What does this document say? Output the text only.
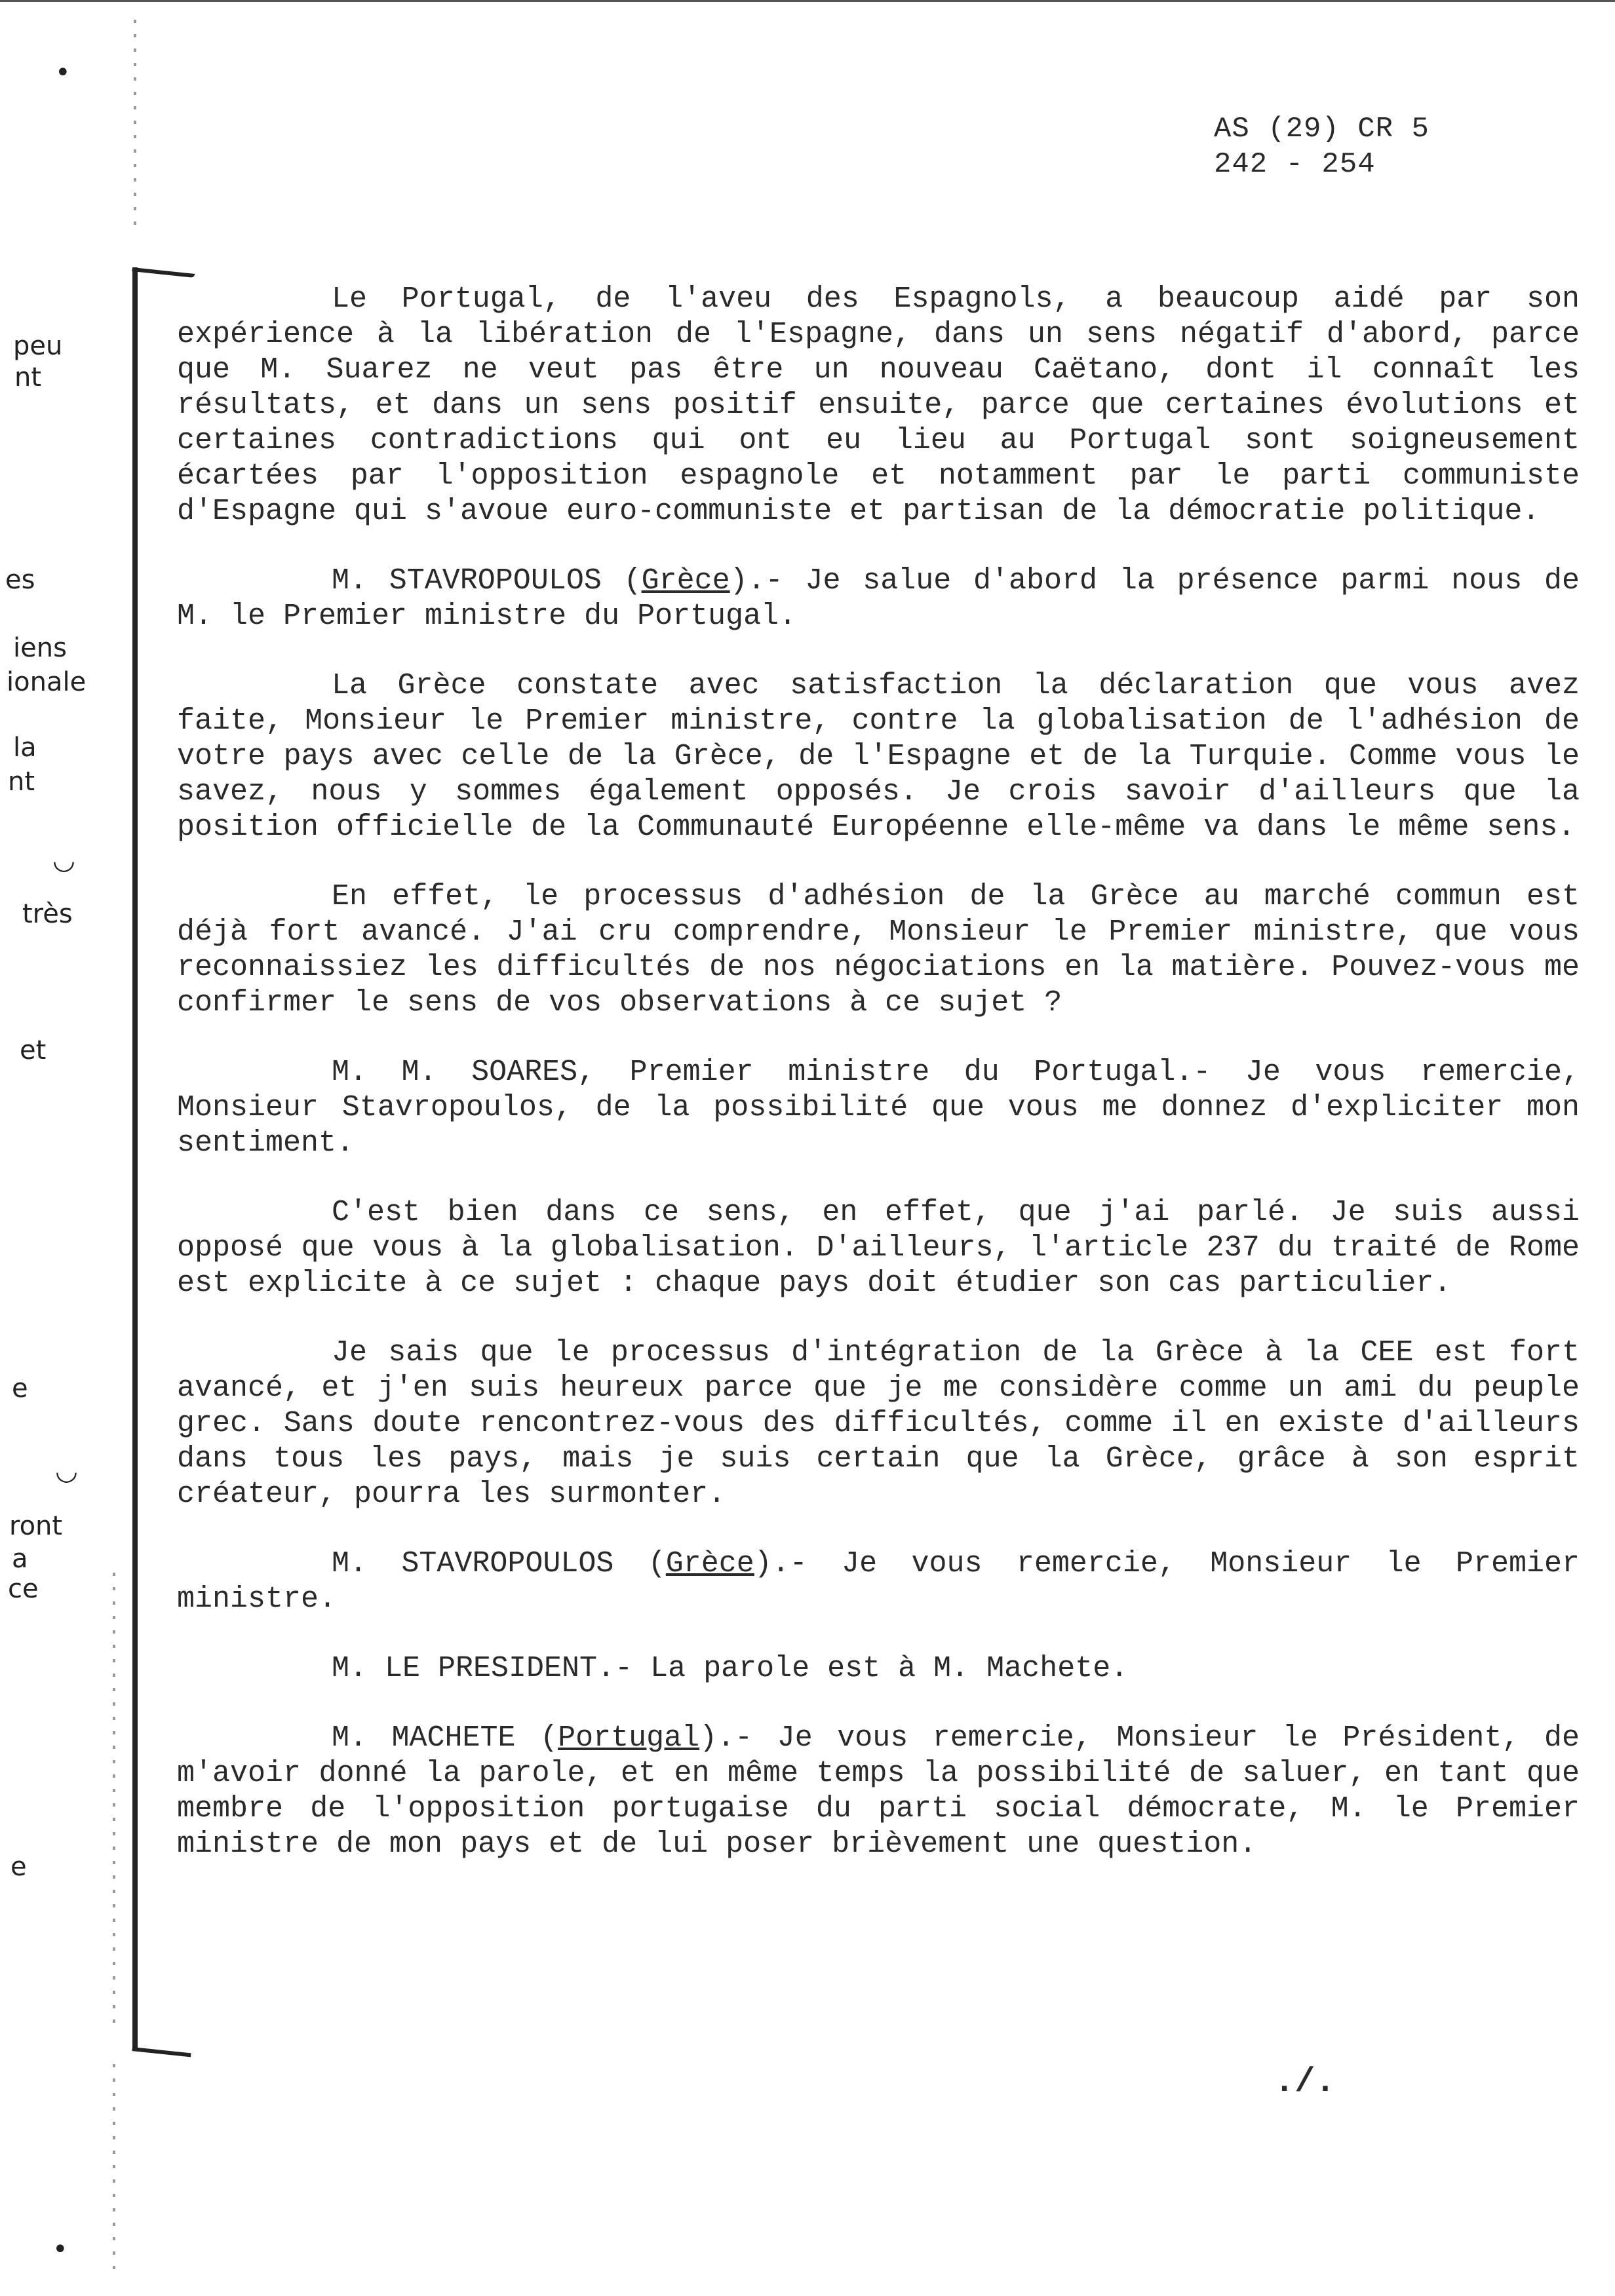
AS (29) CR 5
242 - 254
peu
nt
es
iens
ionale
la
nt
très
et
e
ront
a
ce
e
◡
◡
•
•

Le Portugal, de l'aveu des Espagnols, a beaucoup aidé par son expérience à la libération de l'Espagne, dans un sens négatif d'abord, parce que M. Suarez ne veut pas être un nouveau Caëtano, dont il connaît les résultats, et dans un sens positif ensuite, parce que certaines évolutions et certaines contradictions qui ont eu lieu au Portugal sont soigneusement écartées par l'opposition espagnole et notamment par le parti communiste d'Espagne qui s'avoue euro-communiste et partisan de la démocratie politique.

M. STAVROPOULOS (Grèce).- Je salue d'abord la présence parmi nous de M. le Premier ministre du Portugal.

La Grèce constate avec satisfaction la déclaration que vous avez faite, Monsieur le Premier ministre, contre la globalisation de l'adhésion de votre pays avec celle de la Grèce, de l'Espagne et de la Turquie. Comme vous le savez, nous y sommes également opposés. Je crois savoir d'ailleurs que la position officielle de la Communauté Européenne elle-même va dans le même sens.

En effet, le processus d'adhésion de la Grèce au marché commun est déjà fort avancé. J'ai cru comprendre, Monsieur le Premier ministre, que vous reconnaissiez les difficultés de nos négociations en la matière. Pouvez-vous me confirmer le sens de vos observations à ce sujet ?

M. M. SOARES, Premier ministre du Portugal.- Je vous remercie, Monsieur Stavropoulos, de la possibilité que vous me donnez d'expliciter mon sentiment.

C'est bien dans ce sens, en effet, que j'ai parlé. Je suis aussi opposé que vous à la globalisation. D'ailleurs, l'article 237 du traité de Rome est explicite à ce sujet : chaque pays doit étudier son cas particulier.

Je sais que le processus d'intégration de la Grèce à la CEE est fort avancé, et j'en suis heureux parce que je me considère comme un ami du peuple grec. Sans doute rencontrez-vous des difficultés, comme il en existe d'ailleurs dans tous les pays, mais je suis certain que la Grèce, grâce à son esprit créateur, pourra les surmonter.

M. STAVROPOULOS (Grèce).- Je vous remercie, Monsieur le Premier ministre.

M. LE PRESIDENT.- La parole est à M. Machete.

M. MACHETE (Portugal).- Je vous remercie, Monsieur le Président, de m'avoir donné la parole, et en même temps la possibilité de saluer, en tant que membre de l'opposition portugaise du parti social démocrate, M. le Premier ministre de mon pays et de lui poser brièvement une question.

./.
